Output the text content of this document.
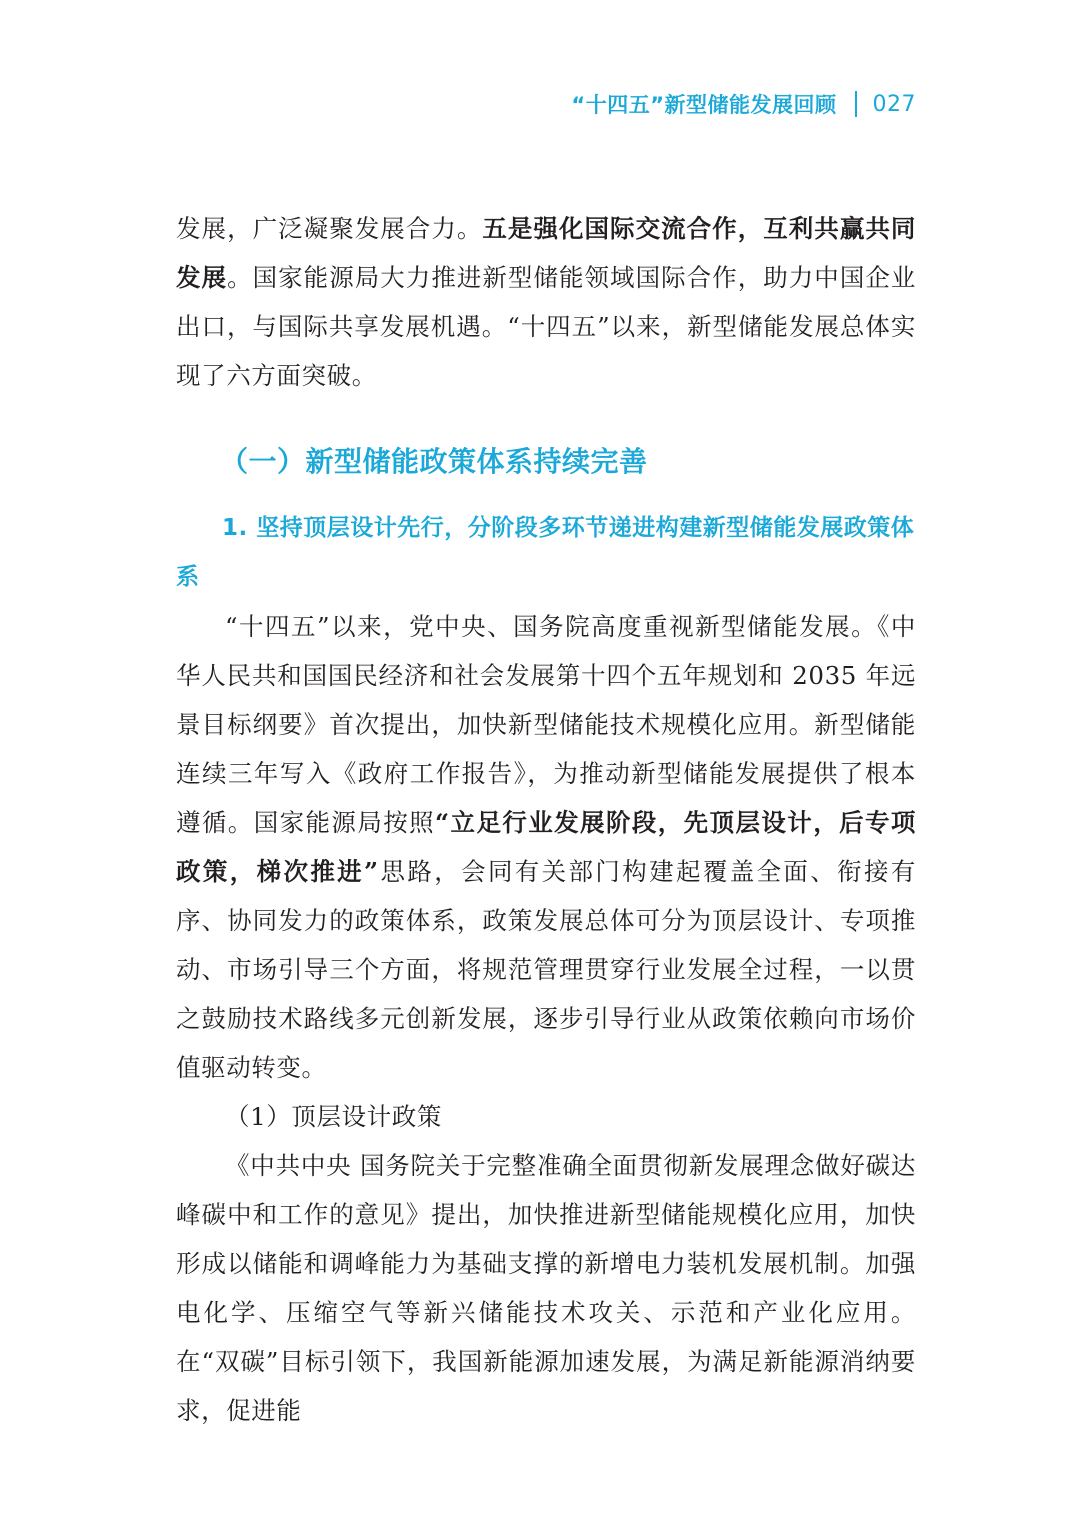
“十四五”新型储能发展回顾 027

发展，广泛凝聚发展合力。五是强化国际交流合作，互利共赢共同发展。国家能源局大力推进新型储能领域国际合作，助力中国企业出口，与国际共享发展机遇。“十四五”以来，新型储能发展总体实现了六方面突破。

（一）新型储能政策体系持续完善
1. 坚持顶层设计先行，分阶段多环节递进构建新型储能发展政策体系

“十四五”以来，党中央、国务院高度重视新型储能发展。《中华人民共和国国民经济和社会发展第十四个五年规划和 2035 年远景目标纲要》首次提出，加快新型储能技术规模化应用。新型储能连续三年写入《政府工作报告》，为推动新型储能发展提供了根本遵循。国家能源局按照“立足行业发展阶段，先顶层设计，后专项政策，梯次推进”思路，会同有关部门构建起覆盖全面、衔接有序、协同发力的政策体系，政策发展总体可分为顶层设计、专项推动、市场引导三个方面，将规范管理贯穿行业发展全过程，一以贯之鼓励技术路线多元创新发展，逐步引导行业从政策依赖向市场价值驱动转变。

（1）顶层设计政策

《中共中央 国务院关于完整准确全面贯彻新发展理念做好碳达峰碳中和工作的意见》提出，加快推进新型储能规模化应用，加快形成以储能和调峰能力为基础支撑的新增电力装机发展机制。加强电化学、压缩空气等新兴储能技术攻关、示范和产业化应用。在“双碳”目标引领下，我国新能源加速发展，为满足新能源消纳要求，促进能
